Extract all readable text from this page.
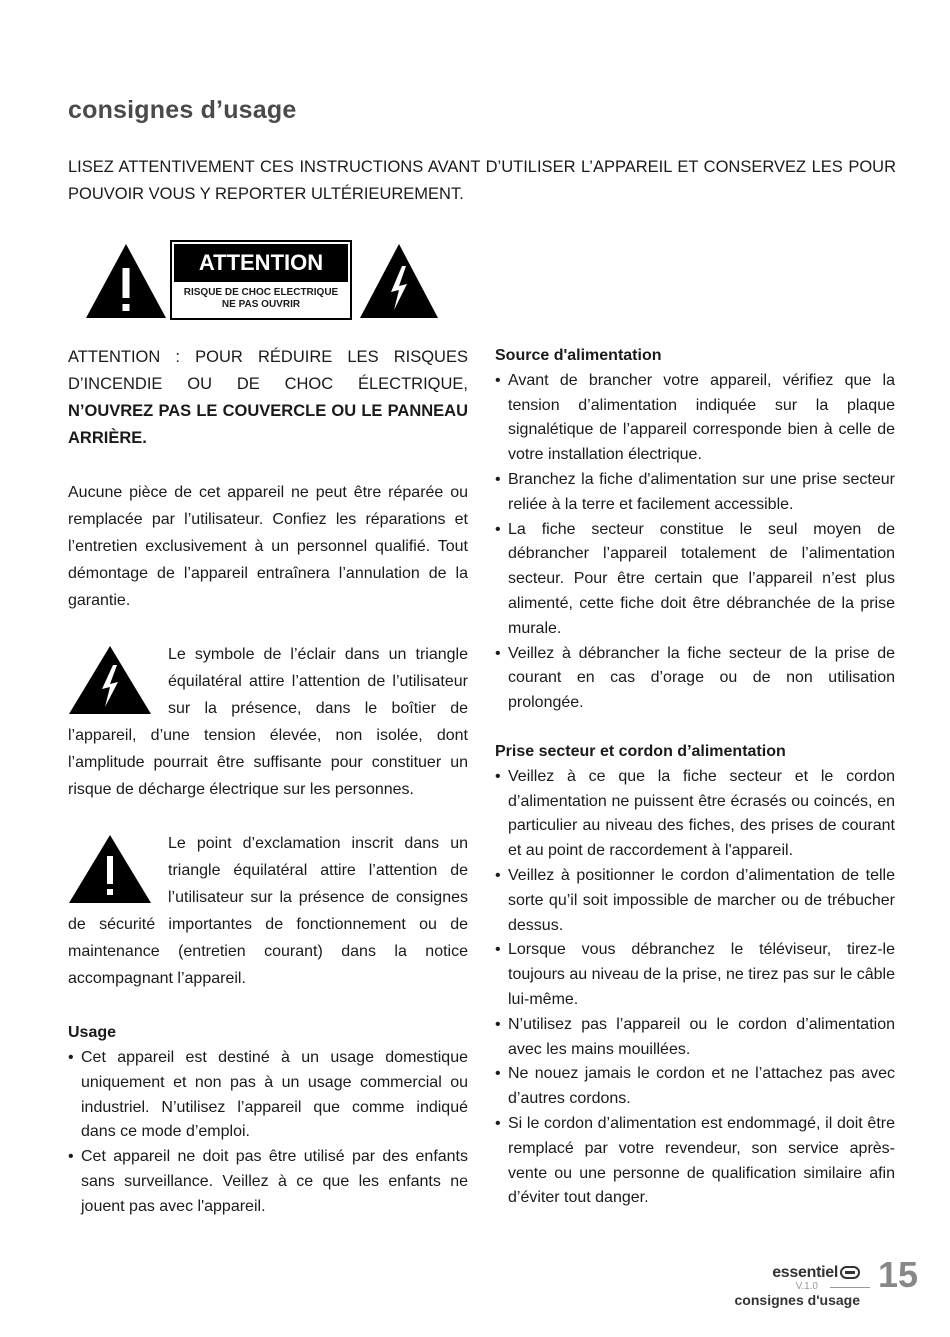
consignes d’usage

LISEZ ATTENTIVEMENT CES INSTRUCTIONS AVANT D’UTILISER L’APPAREIL ET CONSERVEZ LES POUR POUVOIR VOUS Y REPORTER ULTÉRIEUREMENT.

ATTENTION
RISQUE DE CHOC ELECTRIQUE
NE PAS OUVRIR

ATTENTION : POUR RÉDUIRE LES RISQUES D’INCENDIE OU DE CHOC ÉLECTRIQUE, N’OUVREZ PAS LE COUVERCLE OU LE PANNEAU ARRIÈRE.

Aucune pièce de cet appareil ne peut être réparée ou remplacée par l’utilisateur. Confiez les réparations et l’entretien exclusivement à un personnel qualifié. Tout démontage de l’appareil entraînera l’annulation de la garantie.

Le symbole de l’éclair dans un triangle équilatéral attire l’attention de l’utilisateur sur la présence, dans le boîtier de l’appareil, d’une tension élevée, non isolée, dont l’amplitude pourrait être suffisante pour constituer un risque de décharge électrique sur les personnes.

Le point d’exclamation inscrit dans un triangle équilatéral attire l’attention de l’utilisateur sur la présence de consignes de sécurité importantes de fonctionnement ou de maintenance (entretien courant) dans la notice accompagnant l’appareil.

Usage
• Cet appareil est destiné à un usage domestique uniquement et non pas à un usage commercial ou industriel. N’utilisez l’appareil que comme indiqué dans ce mode d’emploi.
• Cet appareil ne doit pas être utilisé par des enfants sans surveillance. Veillez à ce que les enfants ne jouent pas avec l'appareil.
Source d'alimentation
• Avant de brancher votre appareil, vérifiez que la tension d’alimentation indiquée sur la plaque signalétique de l’appareil corresponde bien à celle de votre installation électrique.
• Branchez la fiche d'alimentation sur une prise secteur reliée à la terre et facilement accessible.
• La fiche secteur constitue le seul moyen de débrancher l’appareil totalement de l’alimentation secteur. Pour être certain que l’appareil n’est plus alimenté, cette fiche doit être débranchée de la prise murale.
• Veillez à débrancher la fiche secteur de la prise de courant en cas d’orage ou de non utilisation prolongée.
Prise secteur et cordon d’alimentation
• Veillez à ce que la fiche secteur et le cordon d’alimentation ne puissent être écrasés ou coincés, en particulier au niveau des fiches, des prises de courant et au point de raccordement à l'appareil.
• Veillez à positionner le cordon d’alimentation de telle sorte qu’il soit impossible de marcher ou de trébucher dessus.
• Lorsque vous débranchez le téléviseur, tirez-le toujours au niveau de la prise, ne tirez pas sur le câble lui-même.
• N’utilisez pas l’appareil ou le cordon d’alimentation avec les mains mouillées.
• Ne nouez jamais le cordon et ne l’attachez pas avec d’autres cordons.
• Si le cordon d’alimentation est endommagé, il doit être remplacé par votre revendeur, son service après-vente ou une personne de qualification similaire afin d’éviter tout danger.
essentiel
V.1.0 15
consignes d'usage
